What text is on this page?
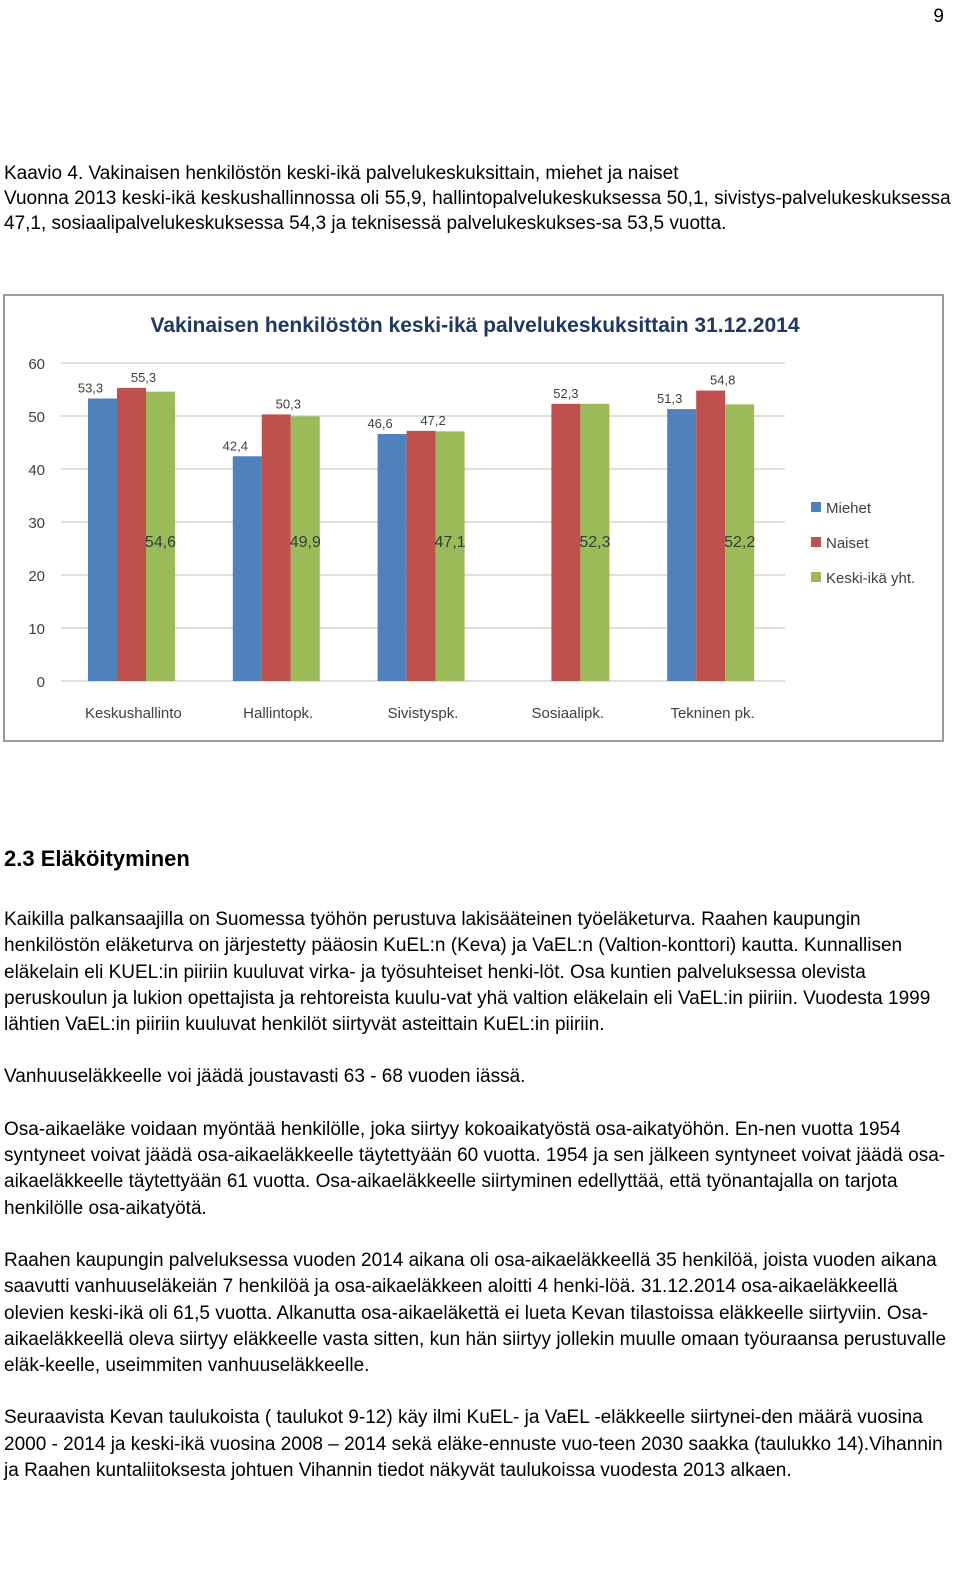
9
Kaavio 4. Vakinaisen henkilöstön keski-ikä palvelukeskuksittain, miehet ja naiset
Vuonna 2013 keski-ikä keskushallinnossa oli 55,9, hallintopalvelukeskuksessa 50,1, sivistys-palvelukeskuksessa 47,1, sosiaalipalvelukeskuksessa 54,3 ja teknisessä palvelukeskukses-sa 53,5 vuotta.
Vakinaisen henkilöstön keski-ikä palvelukeskuksittain 31.12.2014
0
10
20
30
40
50
60
53,3
55,3
54,6
42,4
50,3
49,9
46,6 47,2
47,1
52,3
52,3
51,3
54,8
52,2
Keskushallinto	Hallintopk.	Sivistyspk.	Sosiaalipk.	Tekninen pk.
Miehet
Naiset
Keski-ikä yht.
2.3 Eläköityminen

Kaikilla palkansaajilla on Suomessa työhön perustuva lakisääteinen työeläketurva. Raahen kaupungin henkilöstön eläketurva on järjestetty pääosin KuEL:n (Keva) ja VaEL:n (Valtion-konttori) kautta. Kunnallisen eläkelain eli KUEL:in piiriin kuuluvat virka- ja työsuhteiset henki-löt. Osa kuntien palveluksessa olevista peruskoulun ja lukion opettajista ja rehtoreista kuulu-vat yhä valtion eläkelain eli VaEL:in piiriin. Vuodesta 1999 lähtien VaEL:in piiriin kuuluvat henkilöt siirtyvät asteittain KuEL:in piiriin.

Vanhuuseläkkeelle voi jäädä joustavasti 63 - 68 vuoden iässä.

Osa-aikaeläke voidaan myöntää henkilölle, joka siirtyy kokoaikatyöstä osa-aikatyöhön. En-nen vuotta 1954 syntyneet voivat jäädä osa-aikaeläkkeelle täytettyään 60 vuotta. 1954 ja sen jälkeen syntyneet voivat jäädä osa-aikaeläkkeelle täytettyään 61 vuotta. Osa-aikaeläkkeelle siirtyminen edellyttää, että työnantajalla on tarjota henkilölle osa-aikatyötä.

Raahen kaupungin palveluksessa vuoden 2014 aikana oli osa-aikaeläkkeellä 35 henkilöä, joista vuoden aikana saavutti vanhuuseläkeiän 7 henkilöä ja osa-aikaeläkkeen aloitti 4 henki-löä. 31.12.2014 osa-aikaeläkkeellä olevien keski-ikä oli 61,5 vuotta. Alkanutta osa-aikaeläkettä ei lueta Kevan tilastoissa eläkkeelle siirtyviin. Osa-aikaeläkkeellä oleva siirtyy eläkkeelle vasta sitten, kun hän siirtyy jollekin muulle omaan työuraansa perustuvalle eläk-keelle, useimmiten vanhuuseläkkeelle.

Seuraavista Kevan taulukoista ( taulukot 9-12) käy ilmi KuEL- ja VaEL -eläkkeelle siirtynei-den määrä vuosina 2000 - 2014 ja keski-ikä vuosina 2008 – 2014 sekä eläke-ennuste vuo-teen 2030 saakka (taulukko 14).Vihannin ja Raahen kuntaliitoksesta johtuen Vihannin tiedot näkyvät taulukoissa vuodesta 2013 alkaen.
